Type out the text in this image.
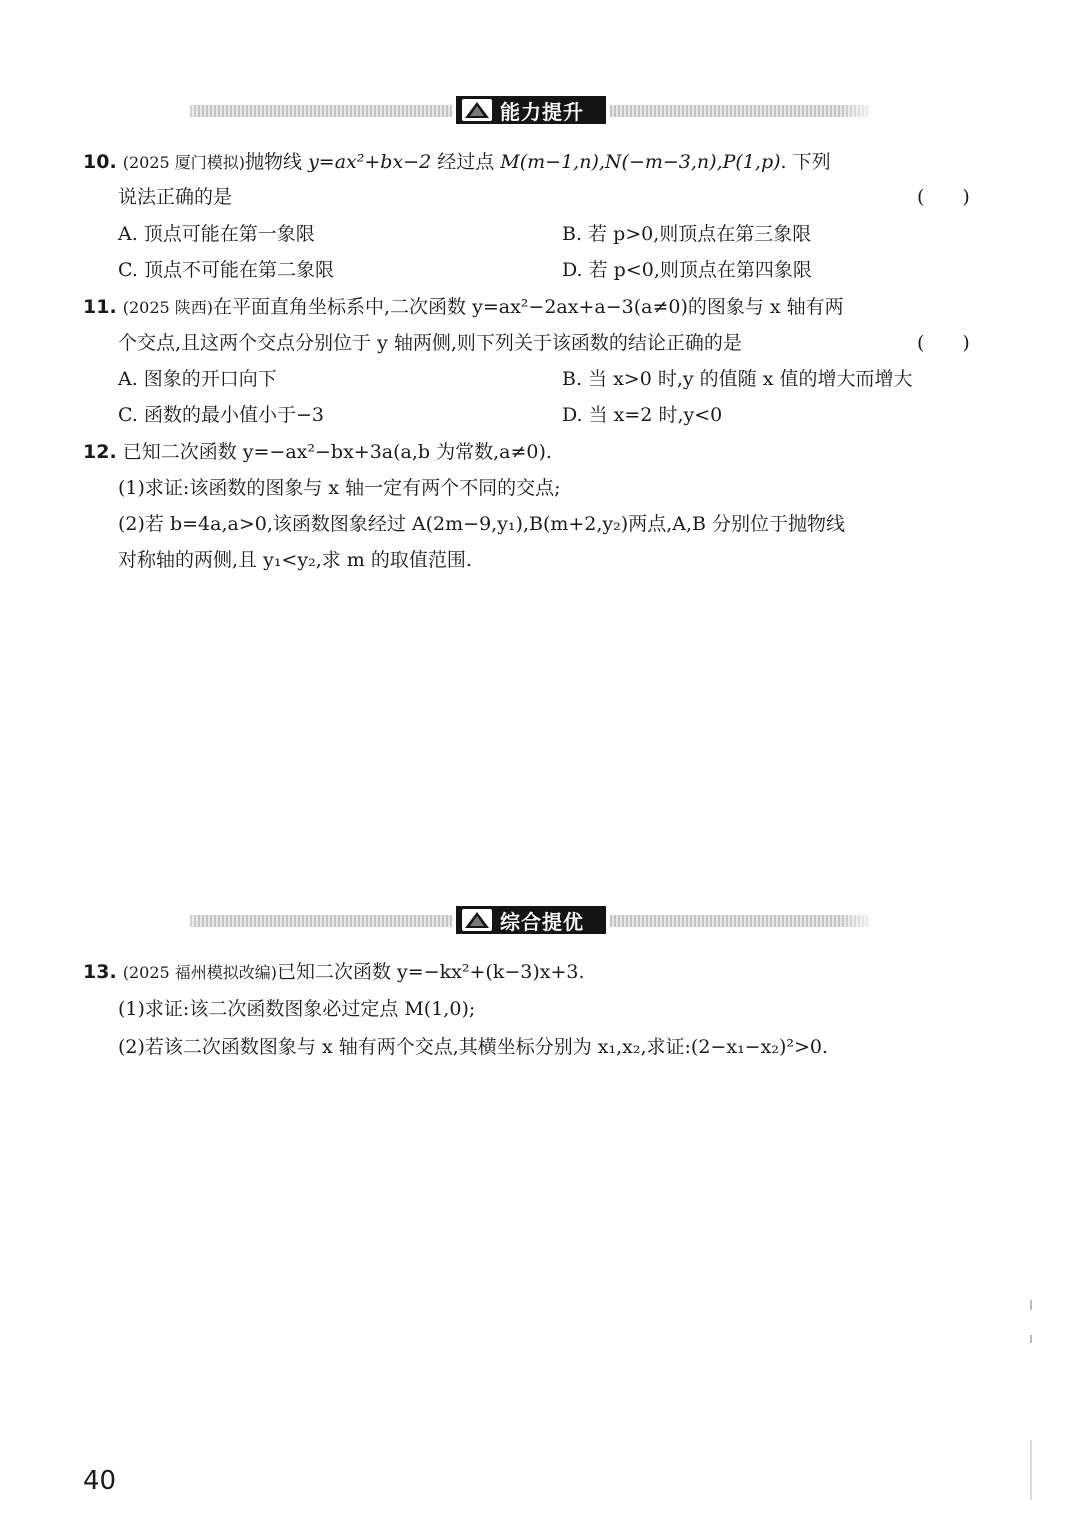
能力提升
10. (2025 厦门模拟)抛物线 y=ax²+bx−2 经过点 M(m−1,n),N(−m−3,n),P(1,p). 下列
说法正确的是	(　　)
A. 顶点可能在第一象限	B. 若 p>0,则顶点在第三象限
C. 顶点不可能在第二象限	D. 若 p<0,则顶点在第四象限
11. (2025 陕西)在平面直角坐标系中,二次函数 y=ax²−2ax+a−3(a≠0)的图象与 x 轴有两
个交点,且这两个交点分别位于 y 轴两侧,则下列关于该函数的结论正确的是	(　　)
A. 图象的开口向下	B. 当 x>0 时,y 的值随 x 值的增大而增大
C. 函数的最小值小于−3	D. 当 x=2 时,y<0
12. 已知二次函数 y=−ax²−bx+3a(a,b 为常数,a≠0).
(1)求证:该函数的图象与 x 轴一定有两个不同的交点;
(2)若 b=4a,a>0,该函数图象经过 A(2m−9,y₁),B(m+2,y₂)两点,A,B 分别位于抛物线
对称轴的两侧,且 y₁<y₂,求 m 的取值范围.
综合提优
13. (2025 福州模拟改编)已知二次函数 y=−kx²+(k−3)x+3.
(1)求证:该二次函数图象必过定点 M(1,0);
(2)若该二次函数图象与 x 轴有两个交点,其横坐标分别为 x₁,x₂,求证:(2−x₁−x₂)²>0.
40
